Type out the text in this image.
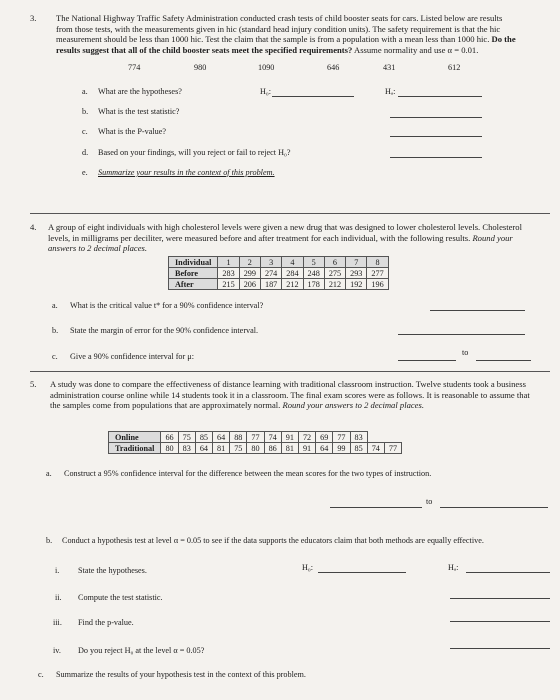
3. The National Highway Traffic Safety Administration conducted crash tests of child booster seats for cars. Listed below are results from those tests, with the measurements given in hic (standard head injury condition units). The safety requirement is that the hic measurement should be less than 1000 hic. Test the claim that the sample is from a population with a mean less than 1000 hic. Do the results suggest that all of the child booster seats meet the specified requirements? Assume normality and use α = 0.01.
774	980	1090	646	431	612
a. What are the hypotheses?	H₀:	Hₐ:
b. What is the test statistic?
c. What is the P-value?
d. Based on your findings, will you reject or fail to reject H₀?
e. Summarize your results in the context of this problem.
4. A group of eight individuals with high cholesterol levels were given a new drug that was designed to lower cholesterol levels. Cholesterol levels, in milligrams per deciliter, were measured before and after treatment for each individual, with the following results. Round your answers to 2 decimal places.
Individual	1	2	3	4	5	6	7	8
Before	283	299	274	284	248	275	293	277
After	215	206	187	212	178	212	192	196
a. What is the critical value t* for a 90% confidence interval?
b. State the margin of error for the 90% confidence interval.
c. Give a 90% confidence interval for μ:	to
5. A study was done to compare the effectiveness of distance learning with traditional classroom instruction. Twelve students took a business administration course online while 14 students took it in a classroom. The final exam scores were as follows. It is reasonable to assume that the samples come from populations that are approximately normal. Round your answers to 2 decimal places.
Online	66	75	85	64	88	77	74	91	72	69	77	83		
Traditional	80	83	64	81	75	80	86	81	91	64	99	85	74	77
a. Construct a 95% confidence interval for the difference between the mean scores for the two types of instruction.
to
b. Conduct a hypothesis test at level α = 0.05 to see if the data supports the educators claim that both methods are equally effective.
i. State the hypotheses.	H₀:	Hₐ:
ii. Compute the test statistic.
iii. Find the p-value.
iv. Do you reject H₀ at the level α = 0.05?
c. Summarize the results of your hypothesis test in the context of this problem.
